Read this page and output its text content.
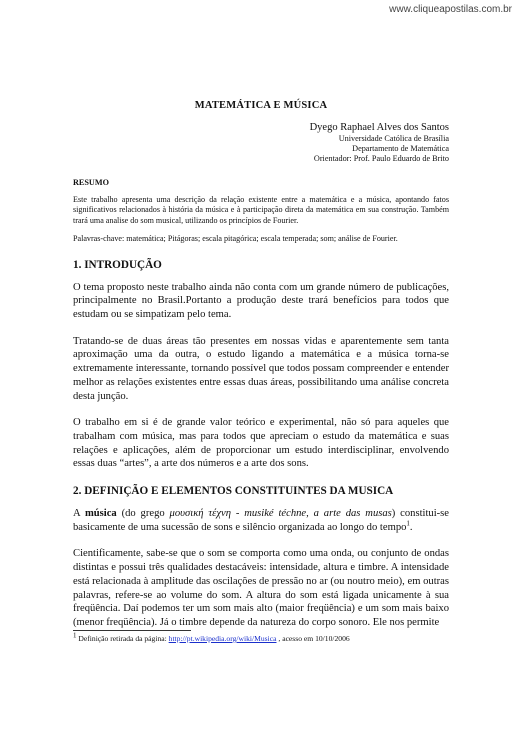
www.cliqueapostilas.com.br
MATEMÁTICA E MÚSICA

Dyego Raphael Alves dos Santos

Universidade Católica de Brasília

Departamento de Matemática

Orientador: Prof. Paulo Eduardo de Brito

RESUMO

Este trabalho apresenta uma descrição da relação existente entre a matemática e a música, apontando fatos significativos relacionados à história da música e à participação direta da matemática em sua construção. Também trará uma analise do som musical, utilizando os princípios de Fourier.

Palavras-chave: matemática; Pitágoras; escala pitagórica; escala temperada; som; análise de Fourier.

1. INTRODUÇÃO

O tema proposto neste trabalho ainda não conta com um grande número de publicações, principalmente no Brasil.Portanto a produção deste trará benefícios para todos que estudam ou se simpatizam pelo tema.

Tratando-se de duas áreas tão presentes em nossas vidas e aparentemente sem tanta aproximação uma da outra, o estudo ligando a matemática e a música torna-se extremamente interessante, tornando possível que todos possam compreender e entender melhor as relações existentes entre essas duas áreas, possibilitando uma análise concreta desta junção.

O trabalho em si é de grande valor teórico e experimental, não só para aqueles que trabalham com música, mas para todos que apreciam o estudo da matemática e suas relações e aplicações, além de proporcionar um estudo interdisciplinar, envolvendo essas duas “artes”, a arte dos números e a arte dos sons.

2. DEFINIÇÃO E ELEMENTOS CONSTITUINTES DA MUSICA

A música (do grego μουσική τέχνη - musiké téchne, a arte das musas) constitui-se basicamente de uma sucessão de sons e silêncio organizada ao longo do tempo$^1$.

Cientificamente, sabe-se que o som se comporta como uma onda, ou conjunto de ondas distintas e possui três qualidades destacáveis: intensidade, altura e timbre. A intensidade está relacionada à amplitude das oscilações de pressão no ar (ou noutro meio), em outras palavras, refere-se ao volume do som. A altura do som está ligada unicamente à sua freqüência. Daí podemos ter um som mais alto (maior freqüência) e um som mais baixo (menor freqüência). Já o timbre depende da natureza do corpo sonoro. Ele nos permite

$^1$ Definição retirada da página: http://pt.wikipedia.org/wiki/Musica , acesso em 10/10/2006
